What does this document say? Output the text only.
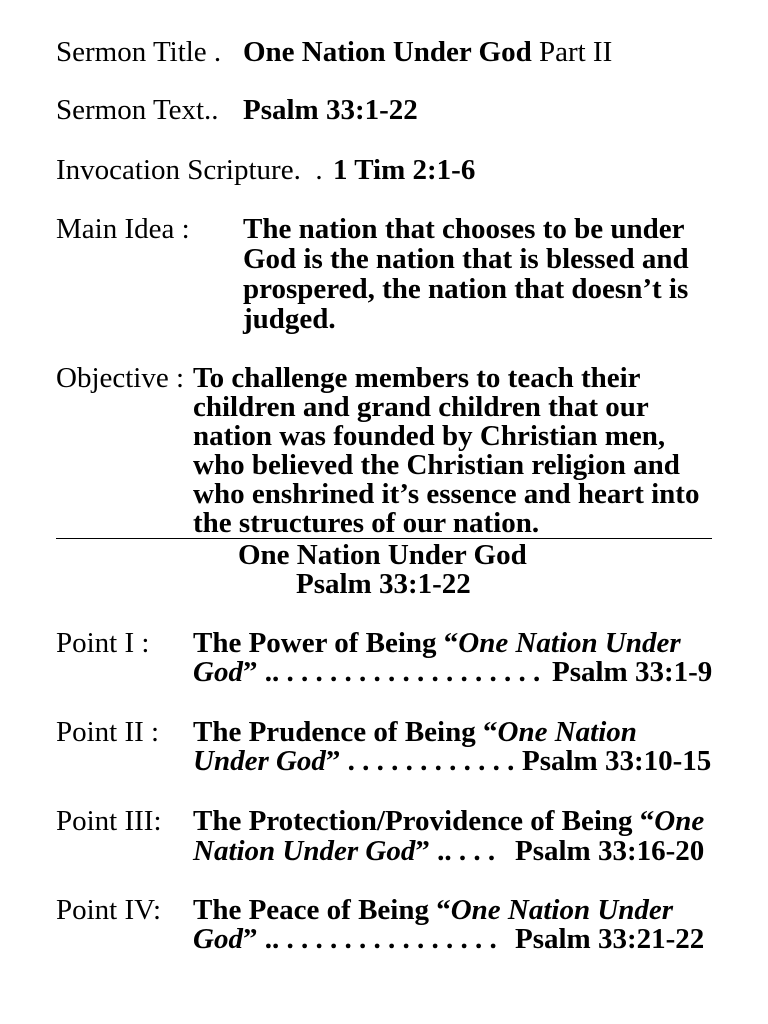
Sermon Title . One Nation Under God Part II
Sermon Text.. Psalm 33:1-22
Invocation Scripture.  . 1 Tim 2:1-6
Main Idea : The nation that chooses to be under
God is the nation that is blessed and
prospered, the nation that doesn’t is
judged.
Objective : To challenge members to teach their
children and grand children that our
nation was founded by Christian men,
who believed the Christian religion and
who enshrined it’s essence and heart into
the structures of our nation.
One Nation Under God
Psalm 33:1-22
Point I : The Power of Being “One Nation Under
God” .. . . . . . . . . . . . . . . . . . . Psalm 33:1-9
Point II : The Prudence of Being “One Nation
Under God” . . . . . . . . . . . . Psalm 33:10-15
Point III: The Protection/Providence of Being “One
Nation Under God” .. . . . Psalm 33:16-20
Point IV: The Peace of Being “One Nation Under
God” .. . . . . . . . . . . . . . . . Psalm 33:21-22
